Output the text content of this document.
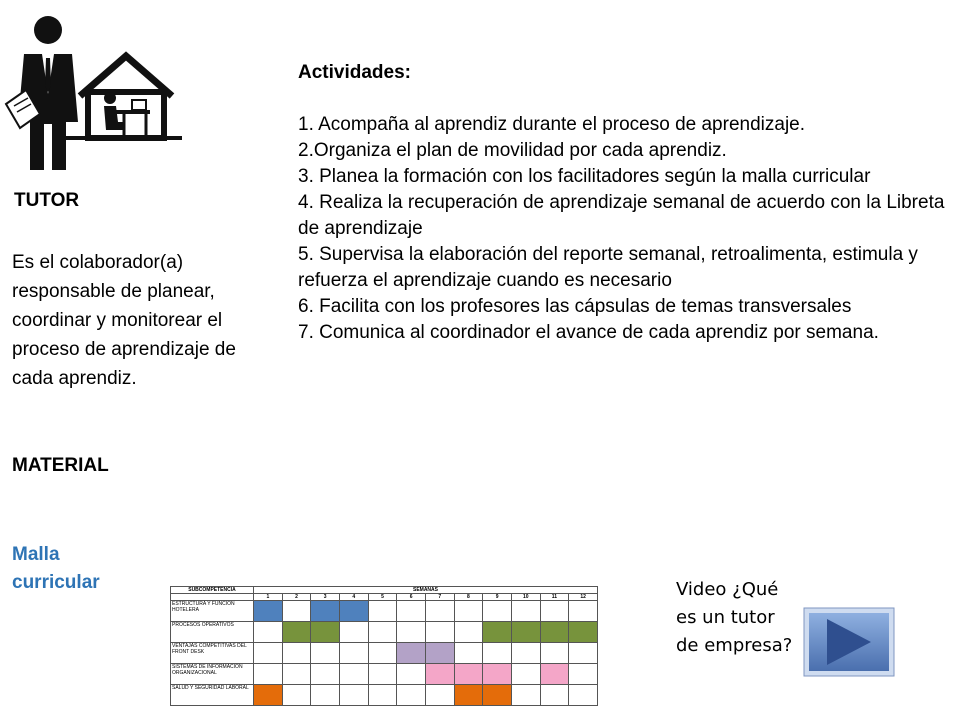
TUTOR
Es el colaborador(a) responsable de planear, coordinar y monitorear el proceso de aprendizaje de cada aprendiz.
MATERIAL
Malla curricular
Actividades:
1. Acompaña al aprendiz durante el proceso de aprendizaje.
2.Organiza el plan de movilidad por cada aprendiz.
3. Planea la formación con los facilitadores según la malla curricular
4. Realiza la recuperación de aprendizaje semanal de acuerdo con la Libreta de aprendizaje
5. Supervisa la elaboración del reporte semanal, retroalimenta, estimula y refuerza el aprendizaje cuando es necesario
6. Facilita con los profesores las cápsulas de temas transversales
7. Comunica al coordinador el avance de cada aprendiz por semana.
SUBCOMPETENCIA	SEMANAS											
	1	2	3	4	5	6	7	8	9	10	11	12
ESTRUCTURA Y FUNCIÓN HOTELERA												
PROCESOS OPERATIVOS												
VENTAJAS COMPETITIVAS DEL FRONT DESK												
SISTEMAS DE INFORMACIÓN ORGANIZACIONAL												
SALUD Y SEGURIDAD LABORAL												
Video ¿Qué es un tutor de empresa?
